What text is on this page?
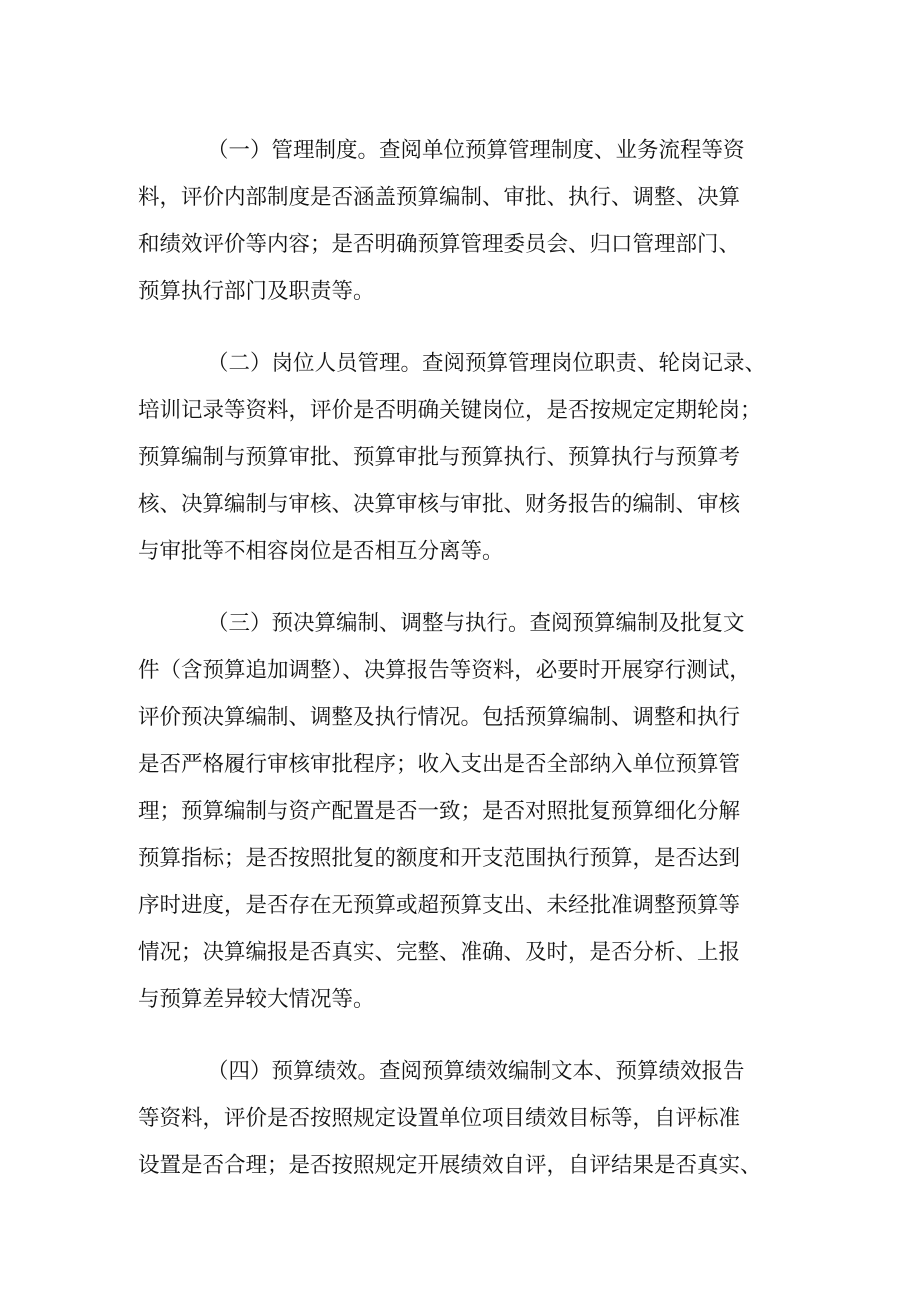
（一）管理制度。查阅单位预算管理制度、业务流程等资
料，评价内部制度是否涵盖预算编制、审批、执行、调整、决算
和绩效评价等内容；是否明确预算管理委员会、归口管理部门、
预算执行部门及职责等。

（二）岗位人员管理。查阅预算管理岗位职责、轮岗记录、
培训记录等资料，评价是否明确关键岗位，是否按规定定期轮岗；
预算编制与预算审批、预算审批与预算执行、预算执行与预算考
核、决算编制与审核、决算审核与审批、财务报告的编制、审核
与审批等不相容岗位是否相互分离等。

（三）预决算编制、调整与执行。查阅预算编制及批复文
件（含预算追加调整）、决算报告等资料，必要时开展穿行测试，
评价预决算编制、调整及执行情况。包括预算编制、调整和执行
是否严格履行审核审批程序；收入支出是否全部纳入单位预算管
理；预算编制与资产配置是否一致；是否对照批复预算细化分解
预算指标；是否按照批复的额度和开支范围执行预算，是否达到
序时进度，是否存在无预算或超预算支出、未经批准调整预算等
情况；决算编报是否真实、完整、准确、及时，是否分析、上报
与预算差异较大情况等。

（四）预算绩效。查阅预算绩效编制文本、预算绩效报告
等资料，评价是否按照规定设置单位项目绩效目标等，自评标准
设置是否合理；是否按照规定开展绩效自评，自评结果是否真实、
